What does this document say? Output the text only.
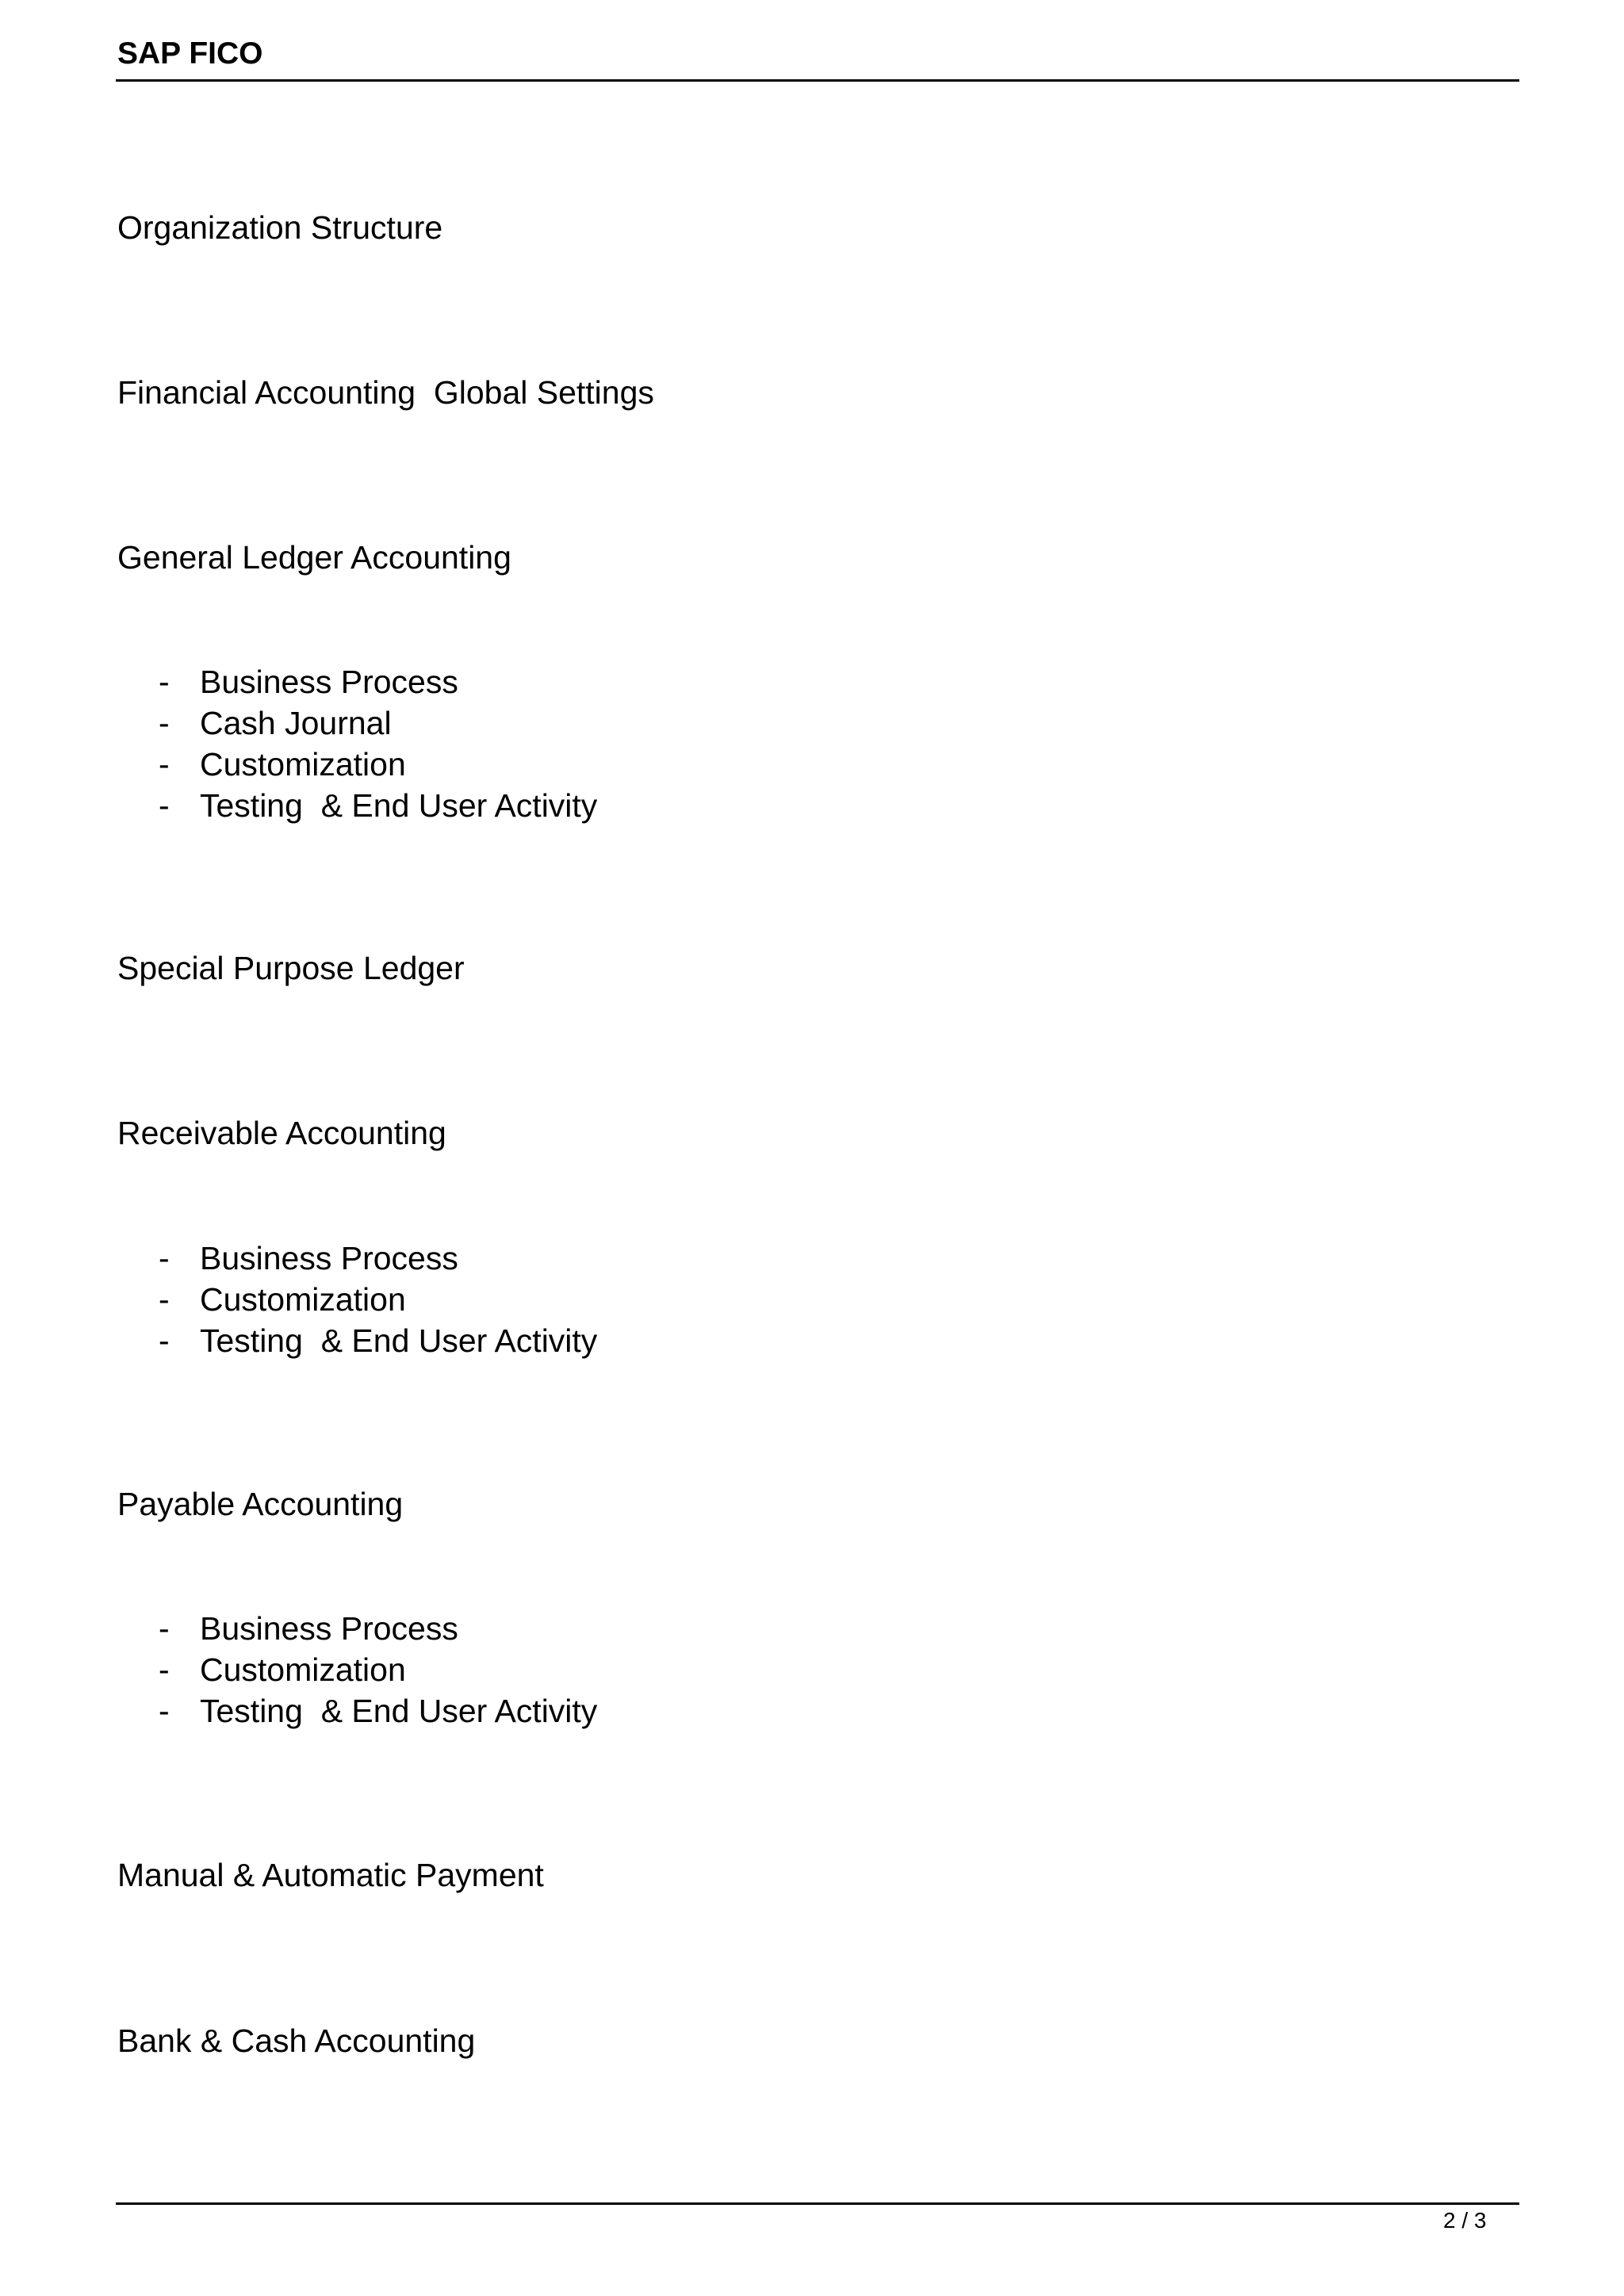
SAP FICO
Organization Structure
Financial Accounting  Global Settings
General Ledger Accounting
- Business Process
- Cash Journal
- Customization
- Testing  & End User Activity
Special Purpose Ledger
Receivable Accounting
- Business Process
- Customization
- Testing  & End User Activity
Payable Accounting
- Business Process
- Customization
- Testing  & End User Activity
Manual & Automatic Payment
Bank & Cash Accounting
2 / 3
